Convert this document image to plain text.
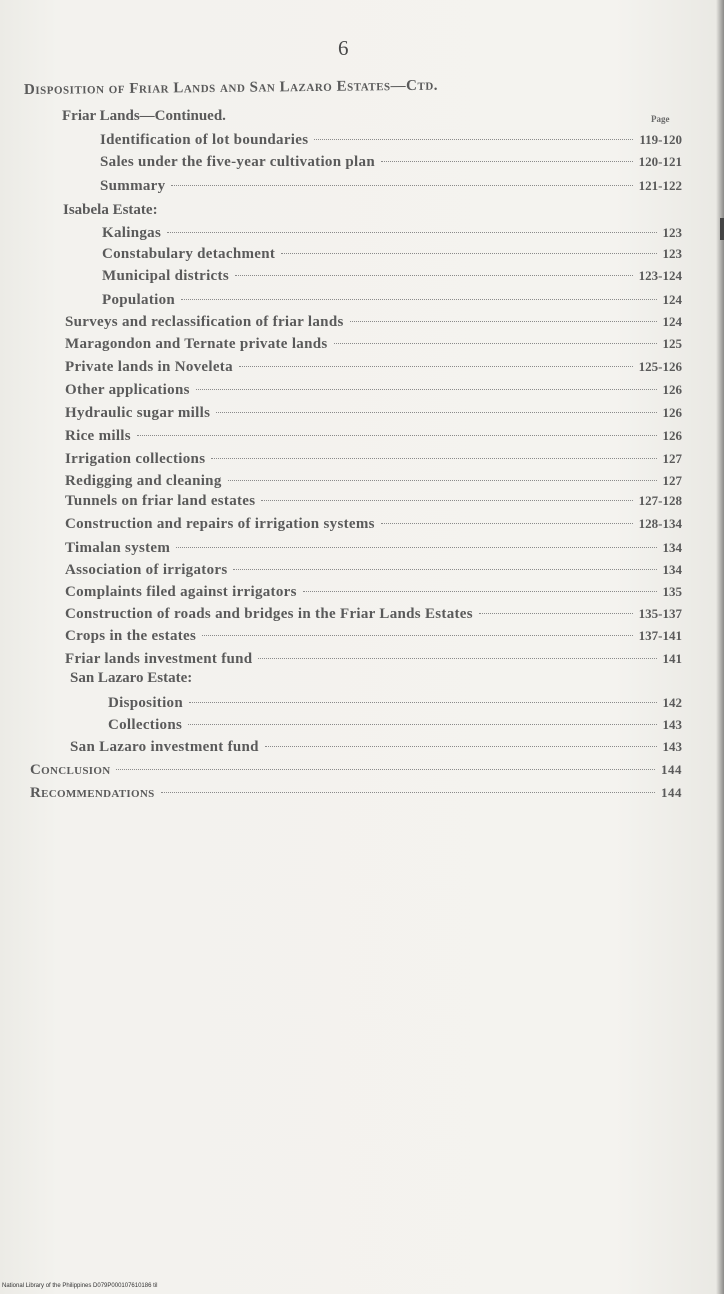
6
Disposition of Friar Lands and San Lazaro Estates—Ctd.
Friar Lands—Continued.	Page
Identification of lot boundaries	119-120
Sales under the five-year cultivation plan	120-121
Summary	121-122
Isabela Estate:
Kalingas	123
Constabulary detachment	123
Municipal districts	123-124
Population	124
Surveys and reclassification of friar lands	124
Maragondon and Ternate private lands	125
Private lands in Noveleta	125-126
Other applications	126
Hydraulic sugar mills	126
Rice mills	126
Irrigation collections	127
Redigging and cleaning	127
Tunnels on friar land estates	127-128
Construction and repairs of irrigation systems	128-134
Timalan system	134
Association of irrigators	134
Complaints filed against irrigators	135
Construction of roads and bridges in the Friar Lands Estates	135-137
Crops in the estates	137-141
Friar lands investment fund	141
San Lazaro Estate:
Disposition	142
Collections	143
San Lazaro investment fund	143
Conclusion	144
Recommendations	144
National Library of the Philippines D079P000107610186 til
